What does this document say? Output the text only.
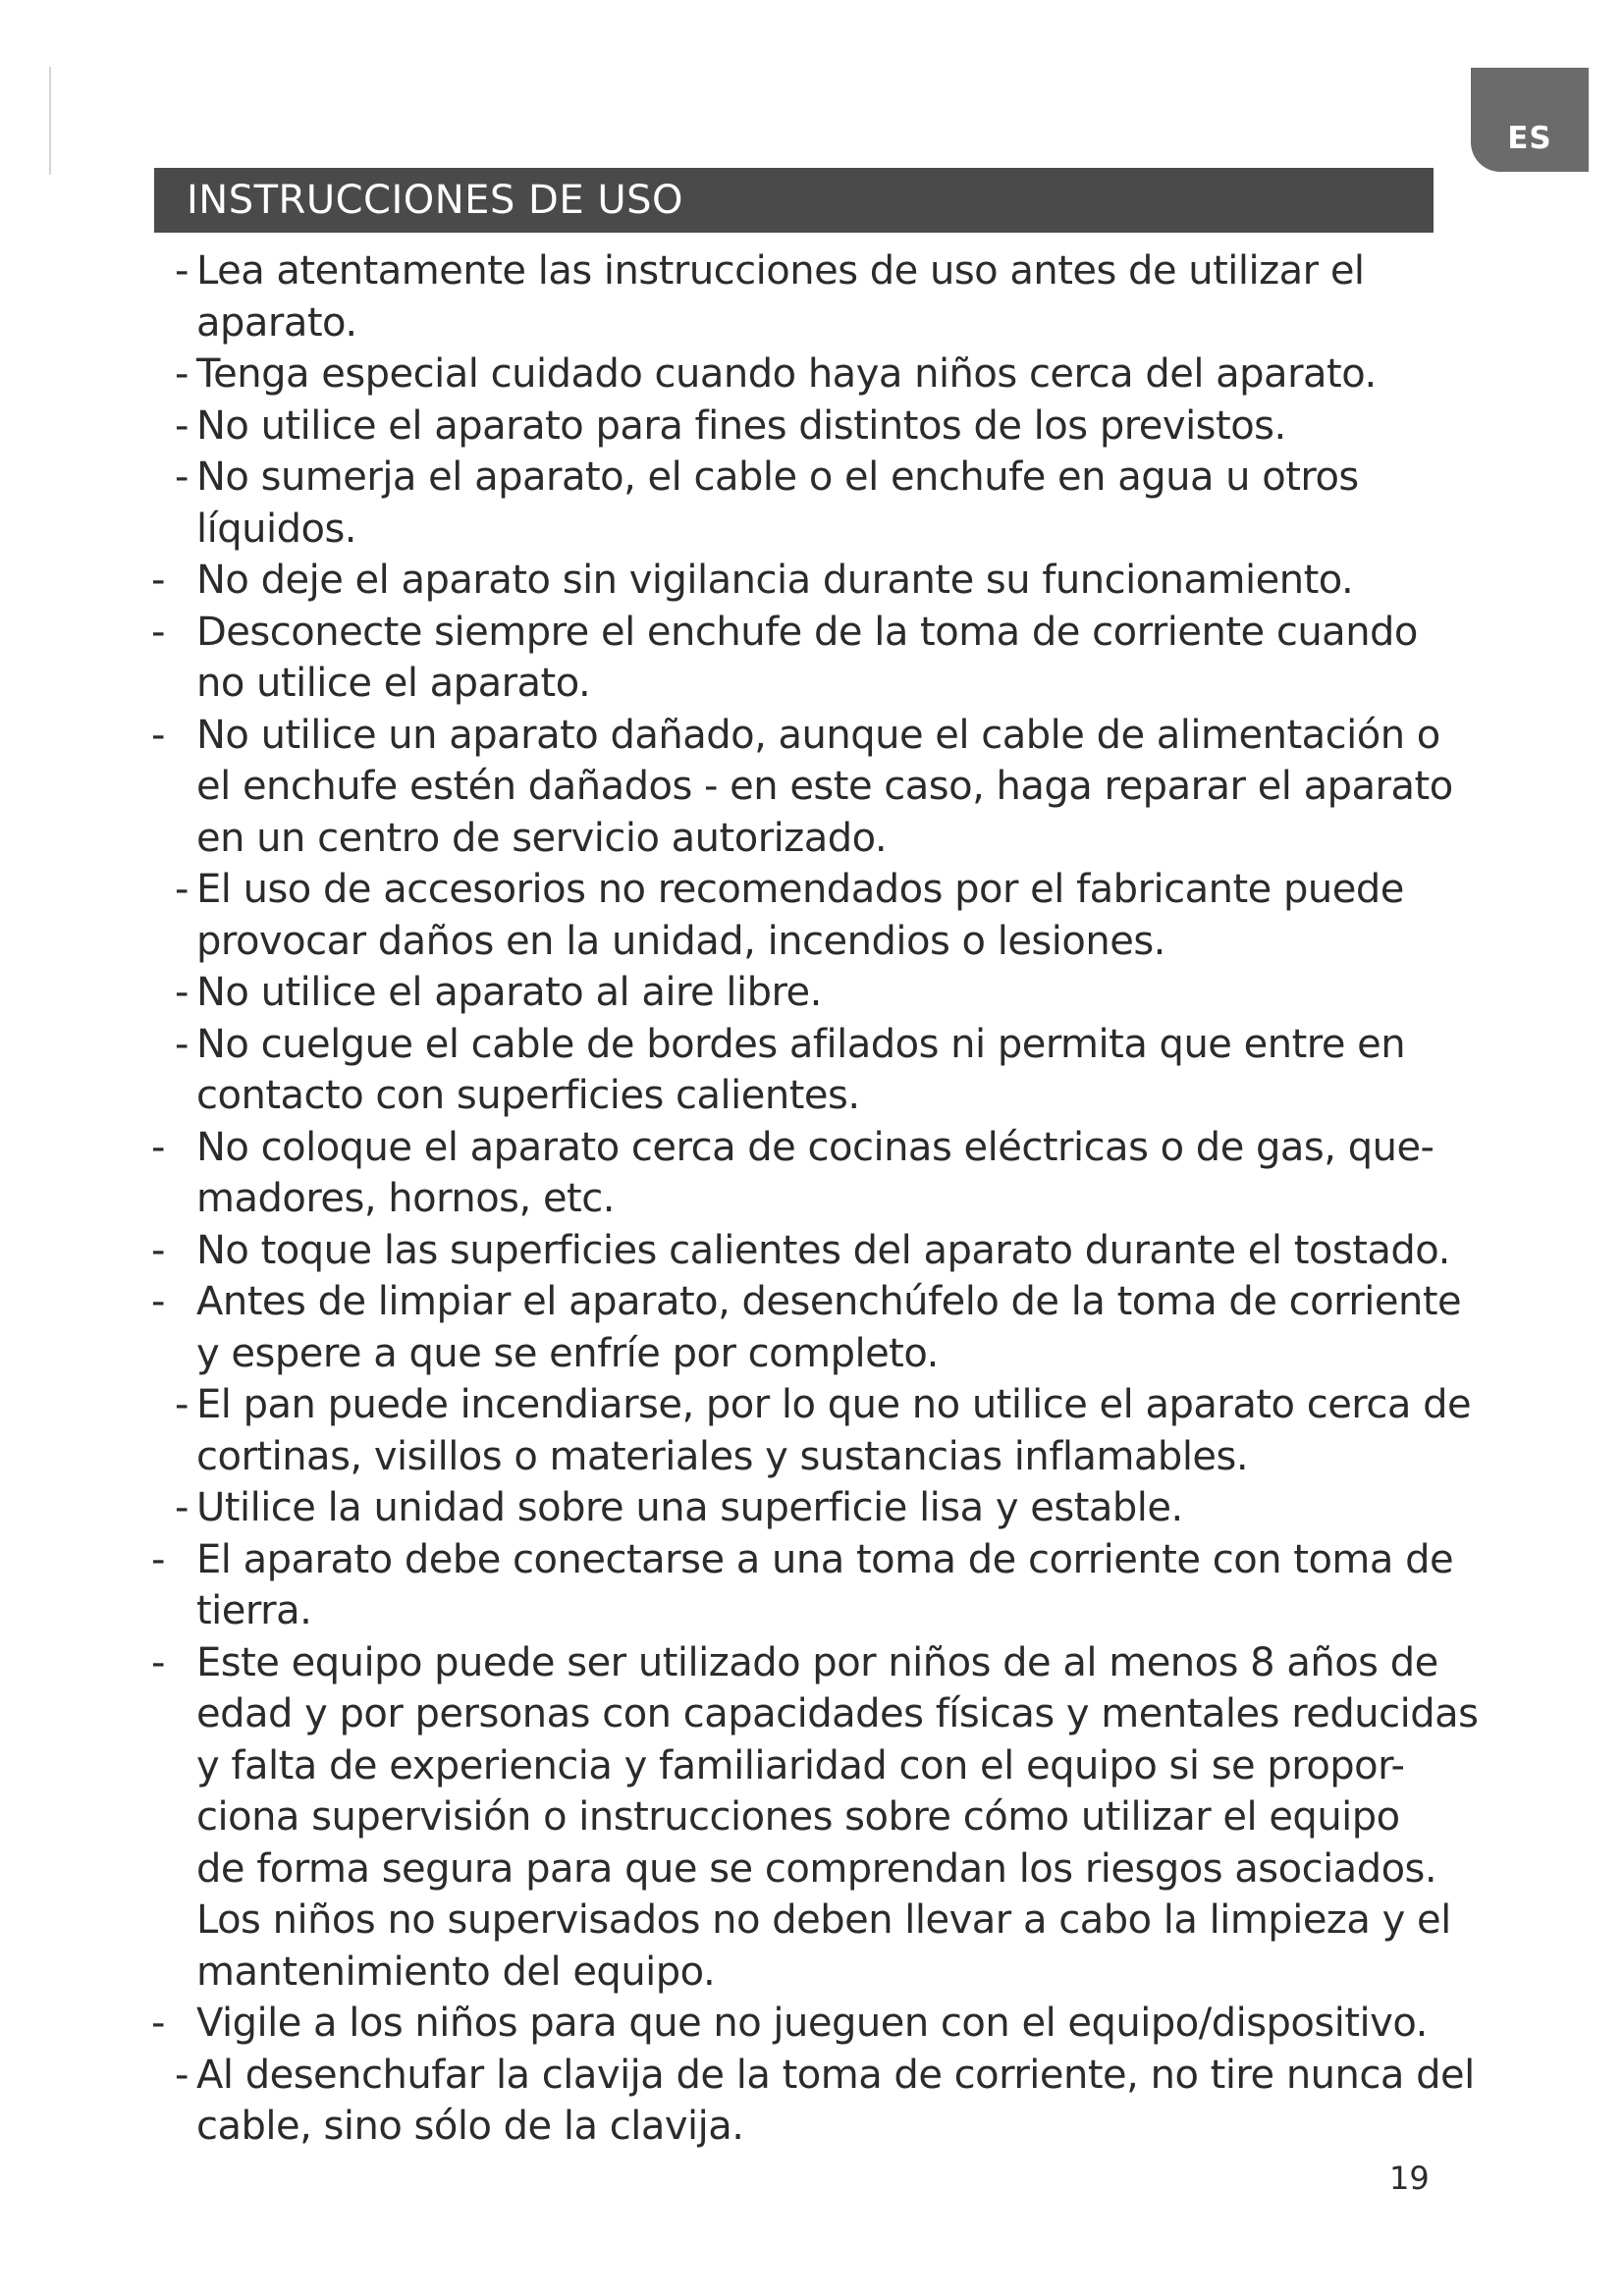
ES
INSTRUCCIONES DE USO
- Lea atentamente las instrucciones de uso antes de utilizar el aparato.
- Tenga especial cuidado cuando haya niños cerca del aparato.
- No utilice el aparato para fines distintos de los previstos.
- No sumerja el aparato, el cable o el enchufe en agua u otros líquidos.
- No deje el aparato sin vigilancia durante su funcionamiento.
- Desconecte siempre el enchufe de la toma de corriente cuando
no utilice el aparato.
- No utilice un aparato dañado, aunque el cable de alimentación o
el enchufe estén dañados - en este caso, haga reparar el aparato
en un centro de servicio autorizado.
- El uso de accesorios no recomendados por el fabricante puede
provocar daños en la unidad, incendios o lesiones.
- No utilice el aparato al aire libre.
- No cuelgue el cable de bordes afilados ni permita que entre en
contacto con superficies calientes.
- No coloque el aparato cerca de cocinas eléctricas o de gas, que-
madores, hornos, etc.
- No toque las superficies calientes del aparato durante el tostado.
- Antes de limpiar el aparato, desenchúfelo de la toma de corriente
y espere a que se enfríe por completo.
- El pan puede incendiarse, por lo que no utilice el aparato cerca de
cortinas, visillos o materiales y sustancias inflamables.
- Utilice la unidad sobre una superficie lisa y estable.
- El aparato debe conectarse a una toma de corriente con toma de
tierra.
- Este equipo puede ser utilizado por niños de al menos 8 años de
edad y por personas con capacidades físicas y mentales reducidas
y falta de experiencia y familiaridad con el equipo si se propor-
ciona supervisión o instrucciones sobre cómo utilizar el equipo
de forma segura para que se comprendan los riesgos asociados.
Los niños no supervisados no deben llevar a cabo la limpieza y el
mantenimiento del equipo.
- Vigile a los niños para que no jueguen con el equipo/dispositivo.
- Al desenchufar la clavija de la toma de corriente, no tire nunca del
cable, sino sólo de la clavija.
19
